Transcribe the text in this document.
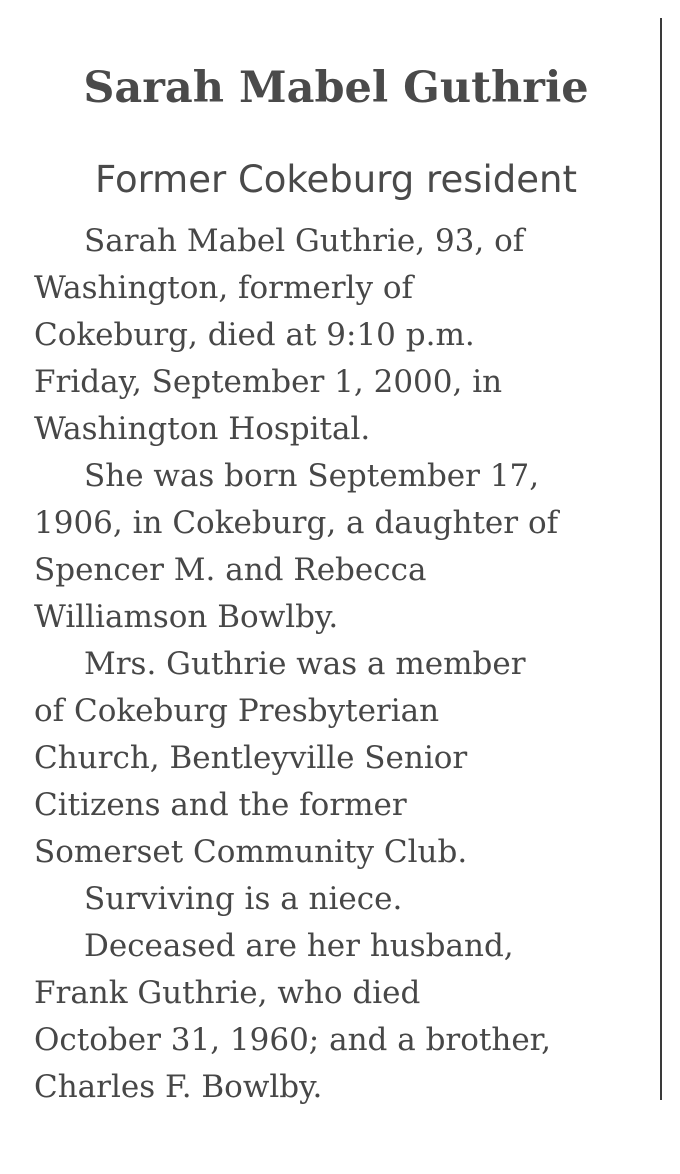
Sarah Mabel Guthrie
Former Cokeburg resident
Sarah Mabel Guthrie, 93, of
Washington, formerly of
Cokeburg, died at 9:10 p.m.
Friday, September 1, 2000, in
Washington Hospital.
She was born September 17,
1906, in Cokeburg, a daughter of
Spencer M. and Rebecca
Williamson Bowlby.
Mrs. Guthrie was a member
of Cokeburg Presbyterian
Church, Bentleyville Senior
Citizens and the former
Somerset Community Club.
Surviving is a niece.
Deceased are her husband,
Frank Guthrie, who died
October 31, 1960; and a brother,
Charles F. Bowlby.
